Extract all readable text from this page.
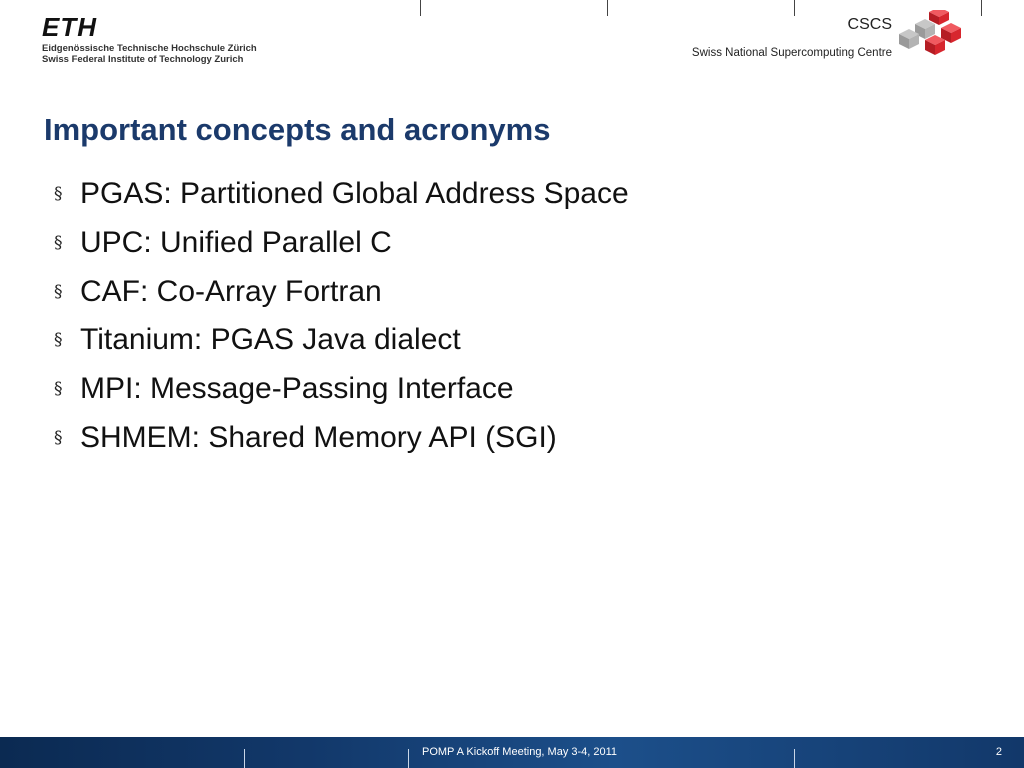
ETH
Eidgenössische Technische Hochschule Zürich
Swiss Federal Institute of Technology Zurich
CSCS
Swiss National Supercomputing Centre
Important concepts and acronyms
§ PGAS: Partitioned Global Address Space
§ UPC: Unified Parallel C
§ CAF: Co-Array Fortran
§ Titanium: PGAS Java dialect
§ MPI: Message-Passing Interface
§ SHMEM: Shared Memory API (SGI)
POMP A Kickoff Meeting, May 3-4, 2011	2
